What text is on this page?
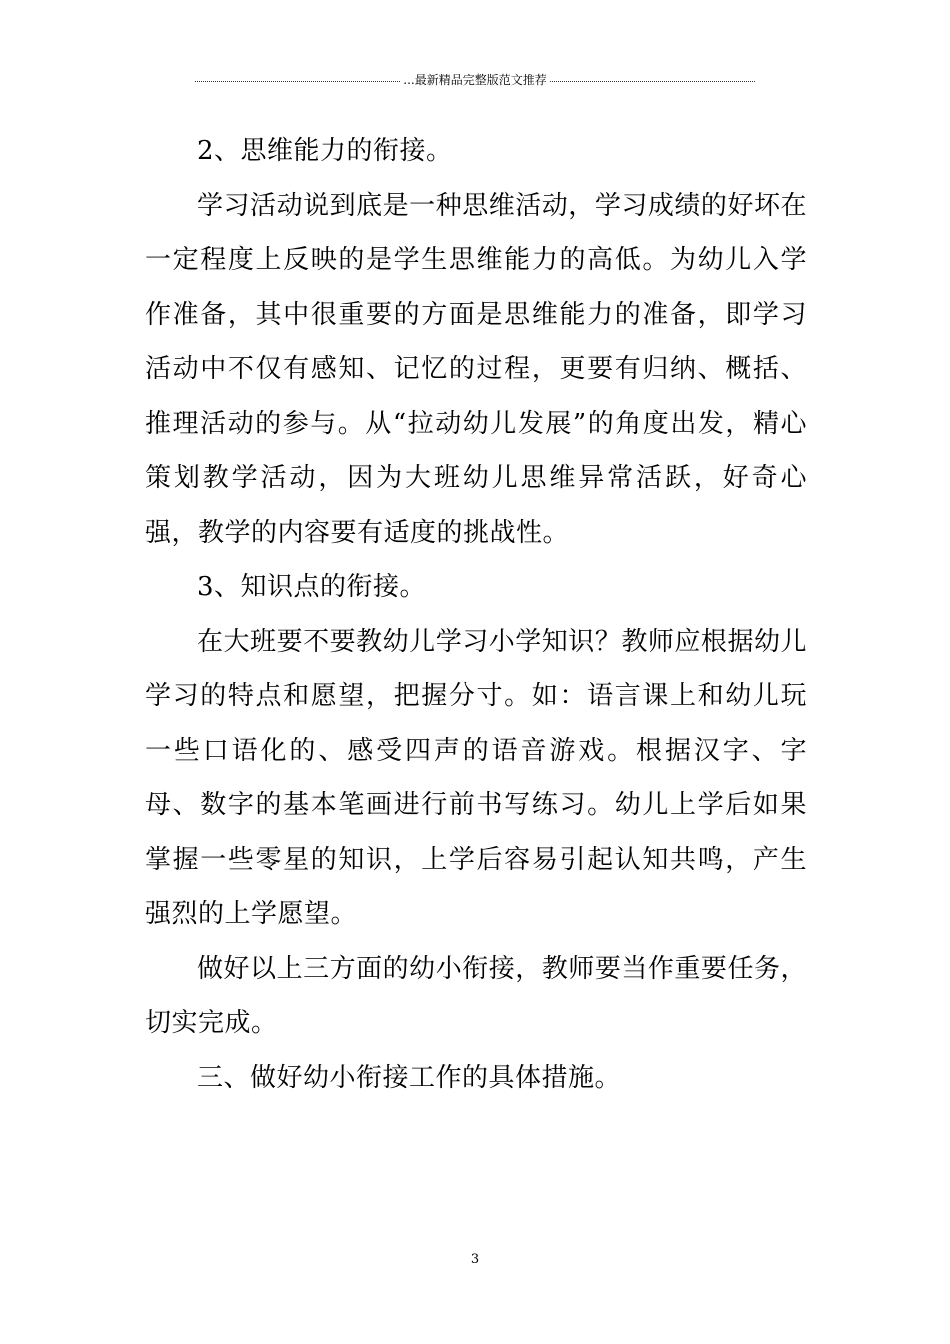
...最新精品完整版范文推荐

2、思维能力的衔接。

学习活动说到底是一种思维活动，学习成绩的好坏在一定程度上反映的是学生思维能力的高低。为幼儿入学作准备，其中很重要的方面是思维能力的准备，即学习活动中不仅有感知、记忆的过程，更要有归纳、概括、推理活动的参与。从“拉动幼儿发展”的角度出发，精心策划教学活动，因为大班幼儿思维异常活跃，好奇心强，教学的内容要有适度的挑战性。

3、知识点的衔接。

在大班要不要教幼儿学习小学知识？教师应根据幼儿学习的特点和愿望，把握分寸。如：语言课上和幼儿玩一些口语化的、感受四声的语音游戏。根据汉字、字母、数字的基本笔画进行前书写练习。幼儿上学后如果掌握一些零星的知识，上学后容易引起认知共鸣，产生强烈的上学愿望。

做好以上三方面的幼小衔接，教师要当作重要任务，切实完成。

三、做好幼小衔接工作的具体措施。

3
